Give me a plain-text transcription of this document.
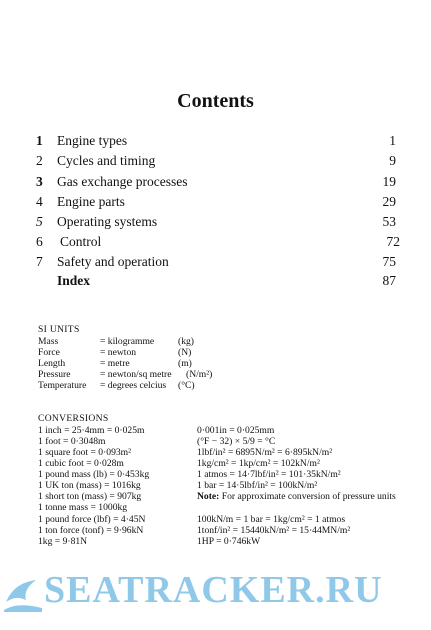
Contents
1	Engine types	1
2	Cycles and timing	9
3	Gas exchange processes	19
4	Engine parts	29
5	Operating systems	53
6	Control	72
7	Safety and operation	75
Index	87
SI UNITS
Mass	= kilogramme (kg)
Force	= newton	(N)
Length	= metre	(m)
Pressure	= newton/sq metre (N/m²)
Temperature	= degrees celcius (°C)
CONVERSIONS
1 inch = 25·4mm = 0·025m
1 foot = 0·3048m
1 square foot = 0·093m²
1 cubic foot = 0·028m
1 pound mass (lb) = 0·453kg
1 UK ton (mass) = 1016kg
1 short ton (mass) = 907kg
1 tonne mass = 1000kg
1 pound force (lbf) = 4·45N
1 ton force (tonf) = 9·96kN
1kg = 9·81N
0·001in = 0·025mm
(°F − 32) × 5/9 = °C
1lbf/in² = 6895N/m² = 6·895kN/m²
1kg/cm² = 1kp/cm² = 102kN/m²
1 atmos = 14·7lbf/in² = 101·35kN/m²
1 bar = 14·5lbf/in² = 100kN/m²
Note: For approximate conversion of pressure units
100kN/m = 1 bar = 1kg/cm² = 1 atmos
1tonf/in² = 15440kN/m² = 15·44MN/m²
1HP = 0·746kW
SEATRACKER.RU
